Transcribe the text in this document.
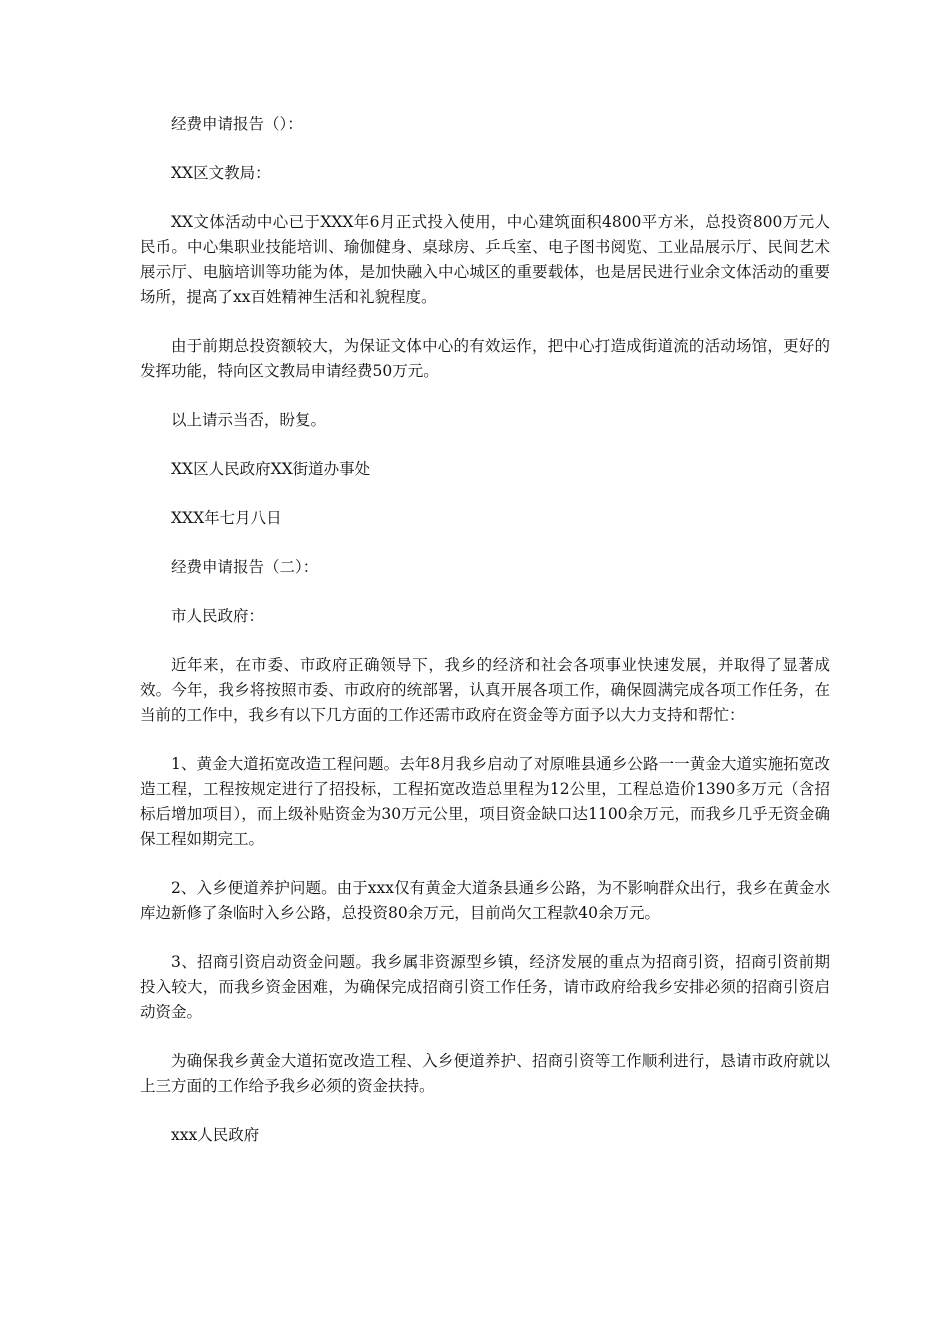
经费申请报告（）：

XX区文教局：

XX文体活动中心已于XXX年6月正式投入使用，中心建筑面积4800平方米，总投资800万元人民币。中心集职业技能培训、瑜伽健身、桌球房、乒乓室、电子图书阅览、工业品展示厅、民间艺术展示厅、电脑培训等功能为体，是加快融入中心城区的重要载体，也是居民进行业余文体活动的重要场所，提高了xx百姓精神生活和礼貌程度。

由于前期总投资额较大，为保证文体中心的有效运作，把中心打造成街道流的活动场馆，更好的发挥功能，特向区文教局申请经费50万元。

以上请示当否，盼复。

XX区人民政府XX街道办事处

XXX年七月八日

经费申请报告（二）：

市人民政府：

近年来，在市委、市政府正确领导下，我乡的经济和社会各项事业快速发展，并取得了显著成效。今年，我乡将按照市委、市政府的统部署，认真开展各项工作，确保圆满完成各项工作任务，在当前的工作中，我乡有以下几方面的工作还需市政府在资金等方面予以大力支持和帮忙：

1、黄金大道拓宽改造工程问题。去年8月我乡启动了对原唯县通乡公路一一黄金大道实施拓宽改造工程，工程按规定进行了招投标，工程拓宽改造总里程为12公里，工程总造价1390多万元（含招标后增加项目），而上级补贴资金为30万元公里，项目资金缺口达1100余万元，而我乡几乎无资金确保工程如期完工。

2、入乡便道养护问题。由于xxx仅有黄金大道条县通乡公路，为不影响群众出行，我乡在黄金水库边新修了条临时入乡公路，总投资80余万元，目前尚欠工程款40余万元。

3、招商引资启动资金问题。我乡属非资源型乡镇，经济发展的重点为招商引资，招商引资前期投入较大，而我乡资金困难，为确保完成招商引资工作任务，请市政府给我乡安排必须的招商引资启动资金。

为确保我乡黄金大道拓宽改造工程、入乡便道养护、招商引资等工作顺利进行，恳请市政府就以上三方面的工作给予我乡必须的资金扶持。

xxx人民政府
